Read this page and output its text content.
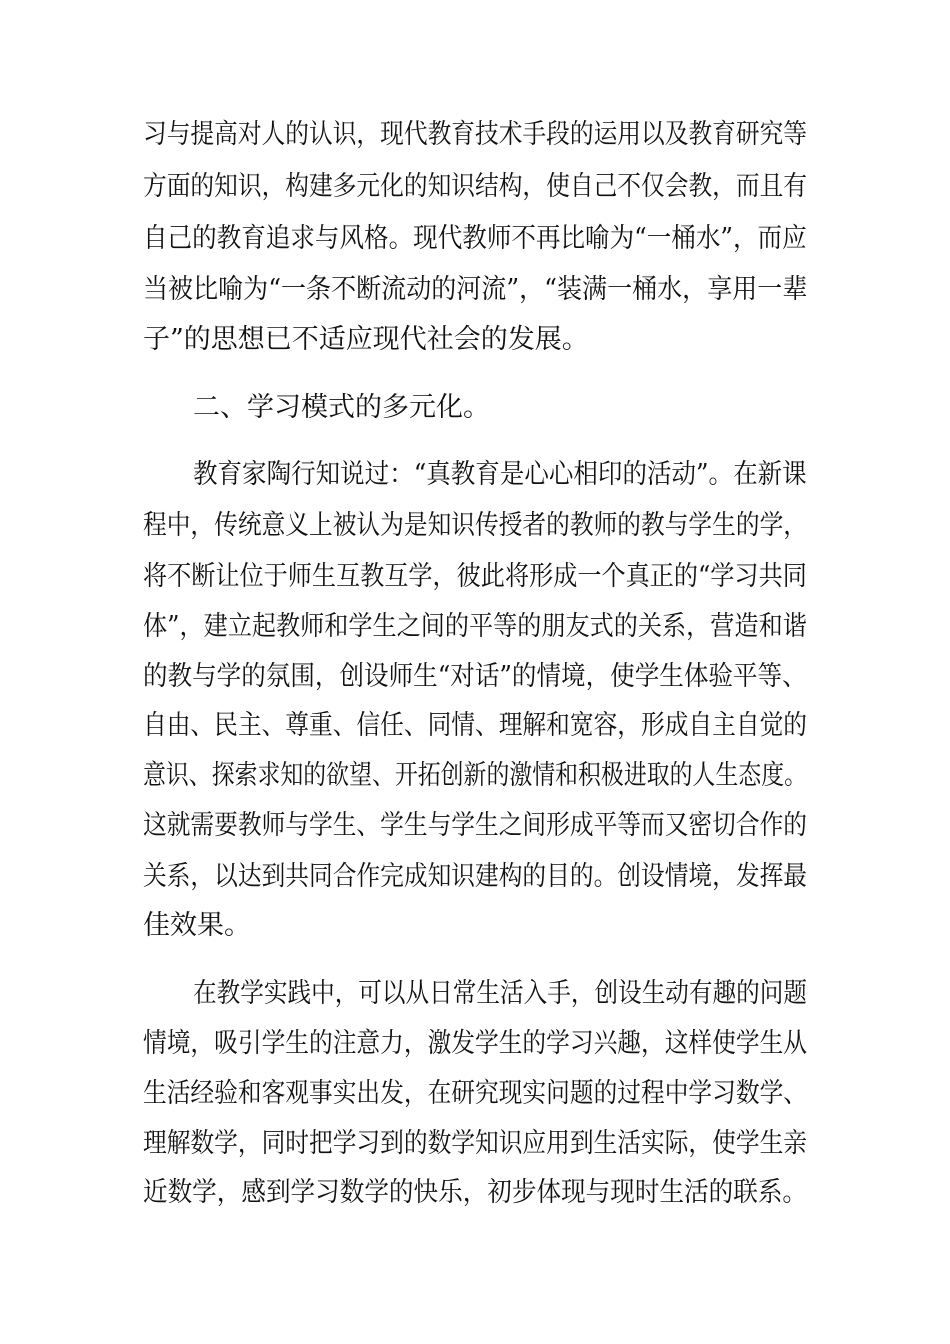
习与提高对人的认识，现代教育技术手段的运用以及教育研究等
方面的知识，构建多元化的知识结构，使自己不仅会教，而且有
自己的教育追求与风格。现代教师不再比喻为“一桶水”，而应
当被比喻为“一条不断流动的河流”，“装满一桶水，享用一辈
子”的思想已不适应现代社会的发展。
二、学习模式的多元化。
教育家陶行知说过：“真教育是心心相印的活动”。在新课
程中，传统意义上被认为是知识传授者的教师的教与学生的学，
将不断让位于师生互教互学，彼此将形成一个真正的“学习共同
体”，建立起教师和学生之间的平等的朋友式的关系，营造和谐
的教与学的氛围，创设师生“对话”的情境，使学生体验平等、
自由、民主、尊重、信任、同情、理解和宽容，形成自主自觉的
意识、探索求知的欲望、开拓创新的激情和积极进取的人生态度。
这就需要教师与学生、学生与学生之间形成平等而又密切合作的
关系，以达到共同合作完成知识建构的目的。创设情境，发挥最
佳效果。
在教学实践中，可以从日常生活入手，创设生动有趣的问题
情境，吸引学生的注意力，激发学生的学习兴趣，这样使学生从
生活经验和客观事实出发，在研究现实问题的过程中学习数学、
理解数学，同时把学习到的数学知识应用到生活实际，使学生亲
近数学，感到学习数学的快乐，初步体现与现时生活的联系。
